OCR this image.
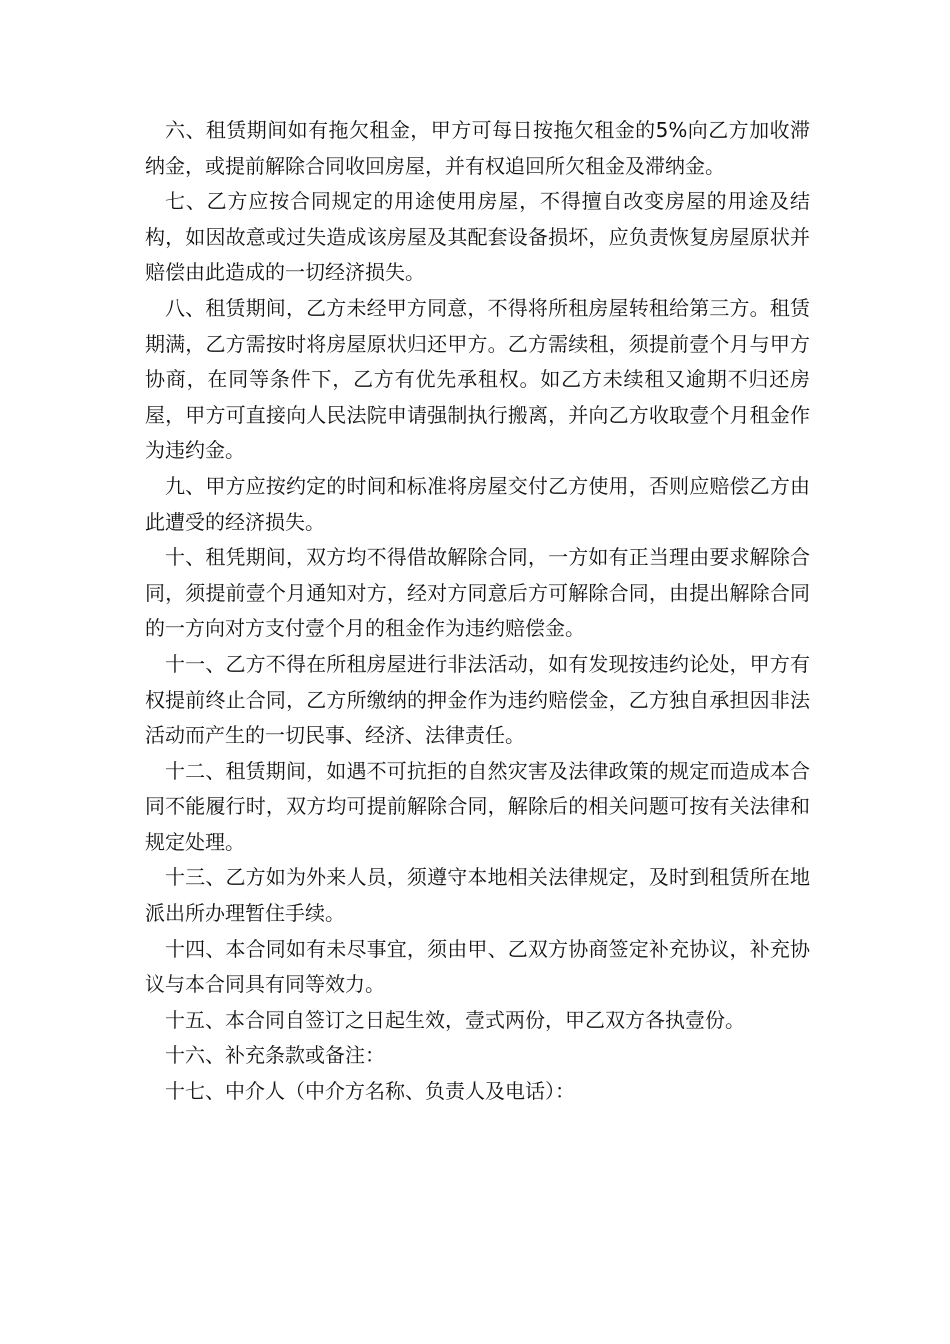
六、租赁期间如有拖欠租金，甲方可每日按拖欠租金的5%向乙方加收滞纳金，或提前解除合同收回房屋，并有权追回所欠租金及滞纳金。

七、乙方应按合同规定的用途使用房屋，不得擅自改变房屋的用途及结构，如因故意或过失造成该房屋及其配套设备损坏，应负责恢复房屋原状并赔偿由此造成的一切经济损失。

八、租赁期间，乙方未经甲方同意，不得将所租房屋转租给第三方。租赁期满，乙方需按时将房屋原状归还甲方。乙方需续租，须提前壹个月与甲方协商，在同等条件下，乙方有优先承租权。如乙方未续租又逾期不归还房屋，甲方可直接向人民法院申请强制执行搬离，并向乙方收取壹个月租金作为违约金。

九、甲方应按约定的时间和标准将房屋交付乙方使用，否则应赔偿乙方由此遭受的经济损失。

十、租凭期间，双方均不得借故解除合同，一方如有正当理由要求解除合同，须提前壹个月通知对方，经对方同意后方可解除合同，由提出解除合同的一方向对方支付壹个月的租金作为违约赔偿金。

十一、乙方不得在所租房屋进行非法活动，如有发现按违约论处，甲方有权提前终止合同，乙方所缴纳的押金作为违约赔偿金，乙方独自承担因非法活动而产生的一切民事、经济、法律责任。

十二、租赁期间，如遇不可抗拒的自然灾害及法律政策的规定而造成本合同不能履行时，双方均可提前解除合同，解除后的相关问题可按有关法律和规定处理。

十三、乙方如为外来人员，须遵守本地相关法律规定，及时到租赁所在地派出所办理暂住手续。

十四、本合同如有未尽事宜，须由甲、乙双方协商签定补充协议，补充协议与本合同具有同等效力。

十五、本合同自签订之日起生效，壹式两份，甲乙双方各执壹份。

十六、补充条款或备注：

十七、中介人（中介方名称、负责人及电话）：
